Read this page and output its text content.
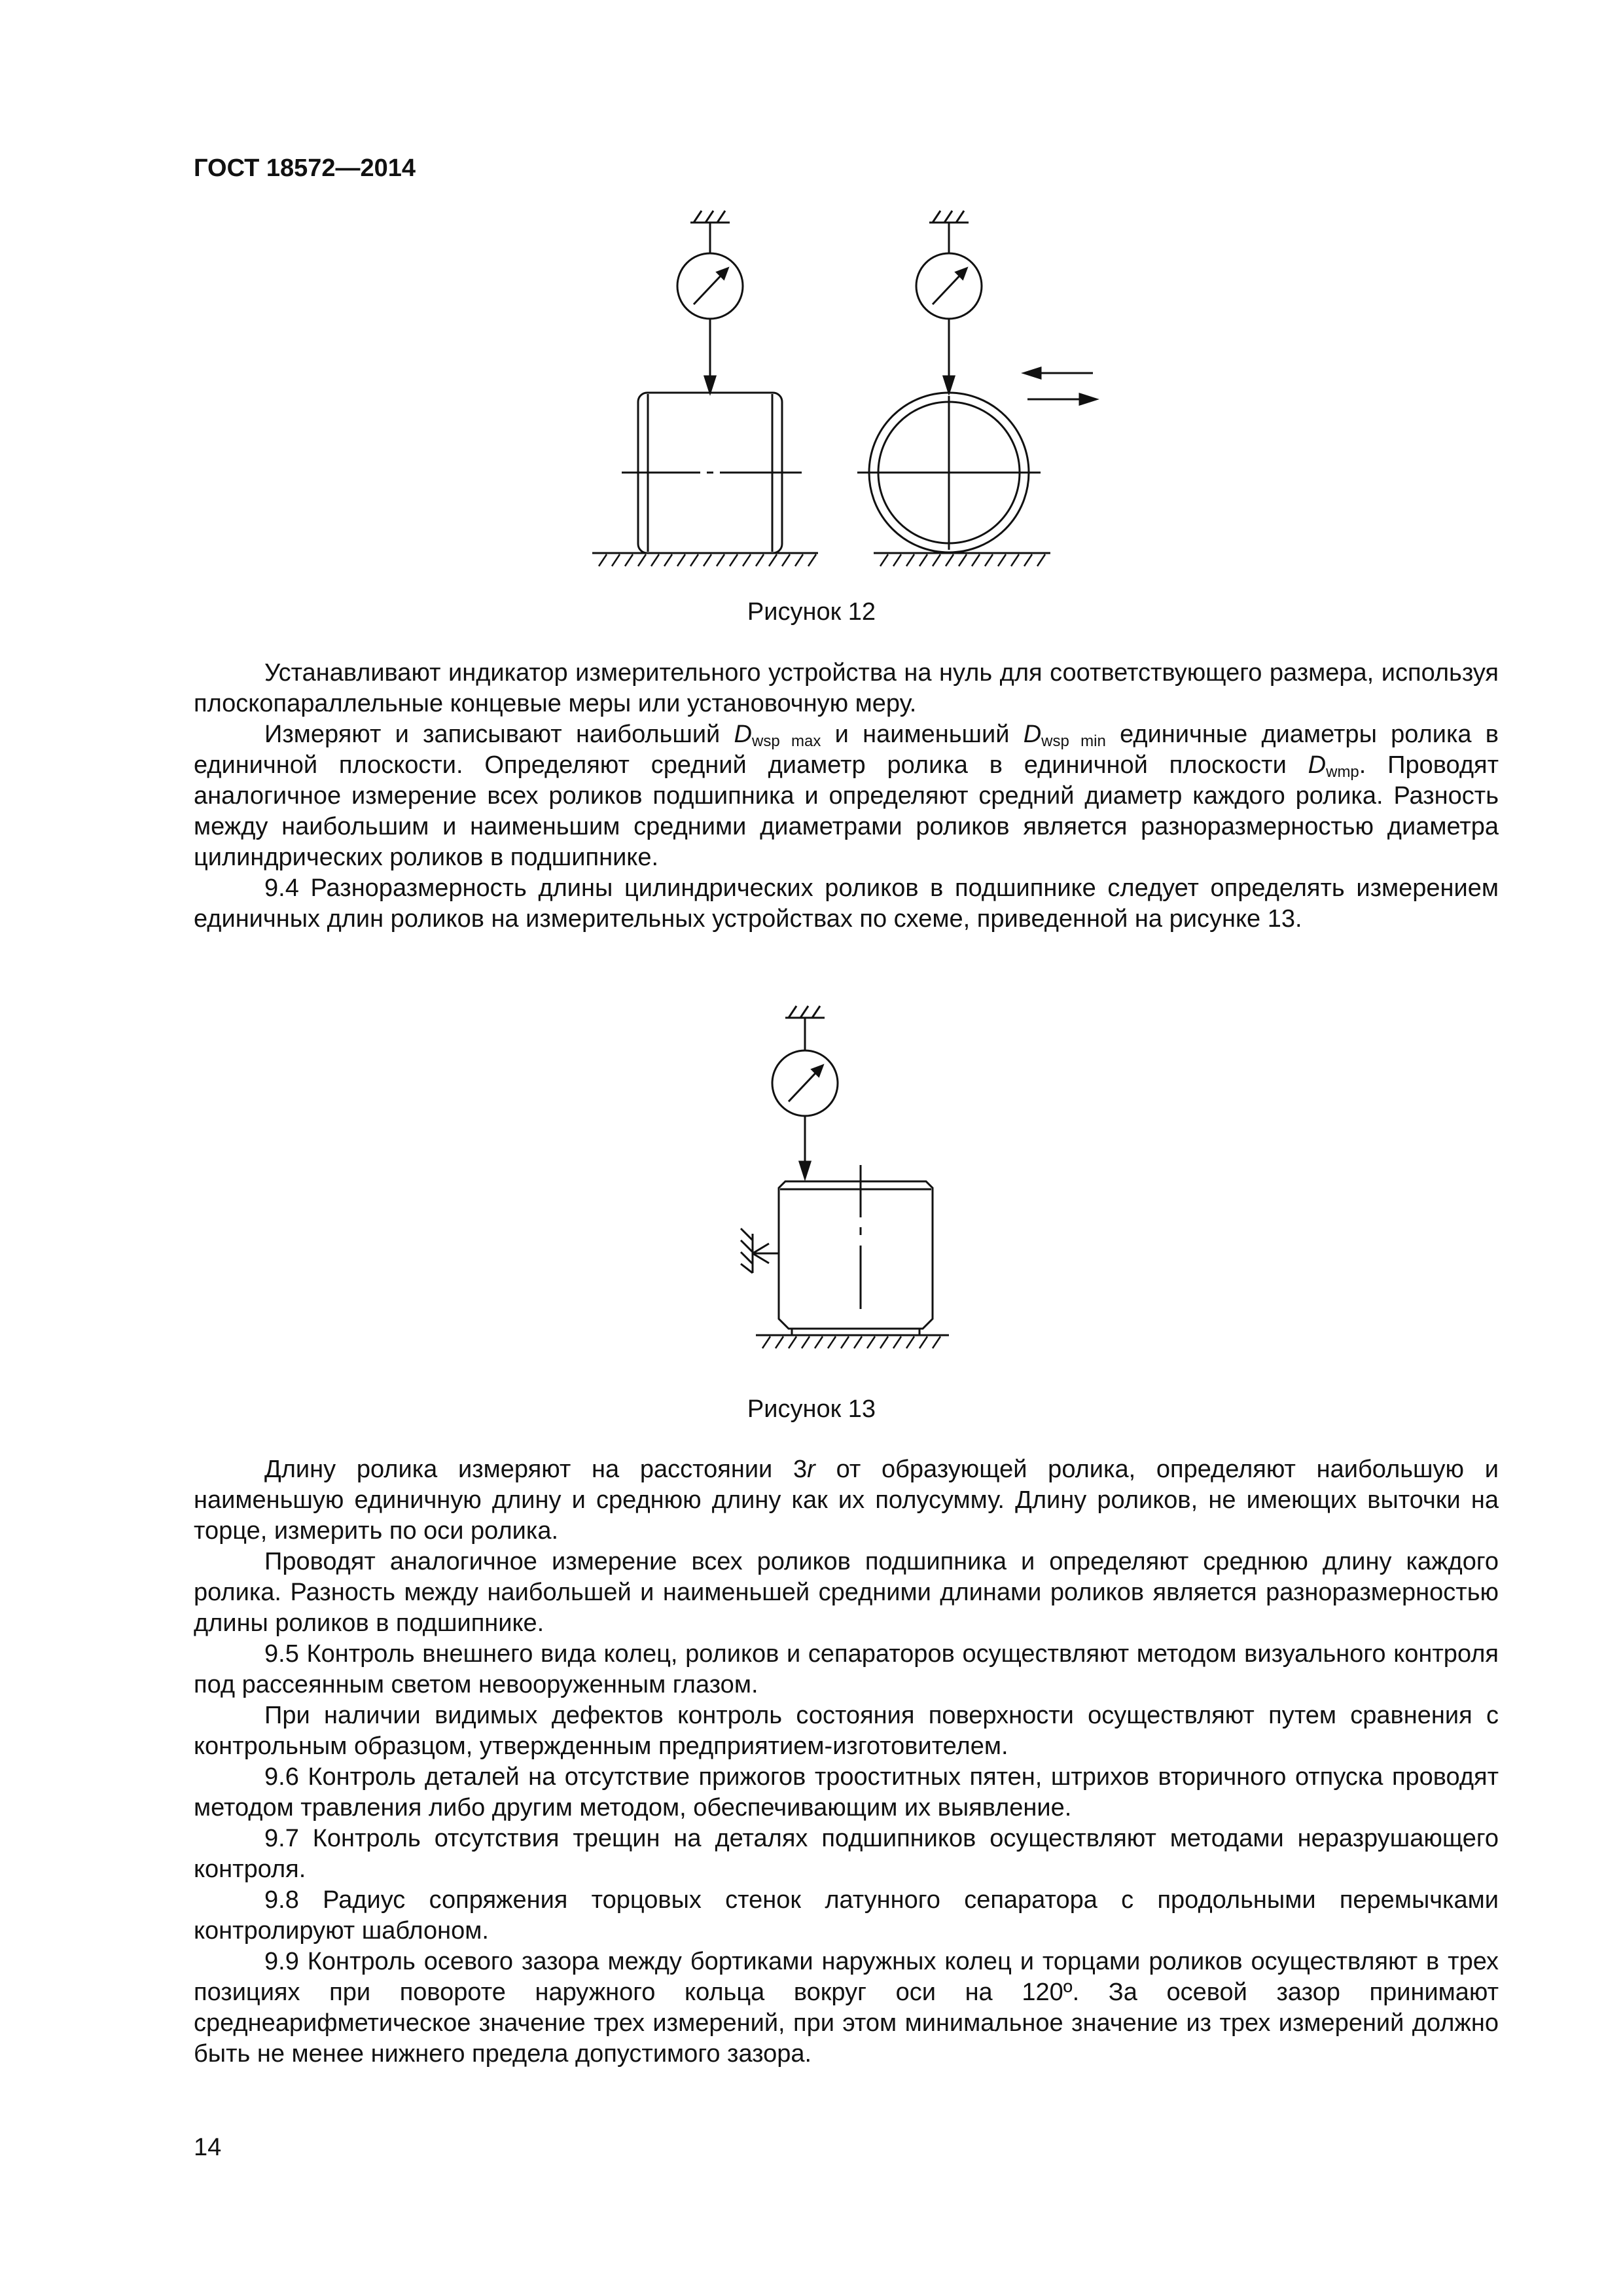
ГОСТ 18572—2014
Рисунок 12

Устанавливают индикатор измерительного устройства на нуль для соответствующего размера, используя плоскопараллельные концевые меры или установочную меру.

Измеряют и записывают наибольший $D_{wsp max}$ и наименьший $D_{wsp min}$ единичные диаметры ролика в единичной плоскости. Определяют средний диаметр ролика в единичной плоскости $D_{wmp}$. Проводят аналогичное измерение всех роликов подшипника и определяют средний диаметр каждого ролика. Разность между наибольшим и наименьшим средними диаметрами роликов является разноразмерностью диаметра цилиндрических роликов в подшипнике.

9.4 Разноразмерность длины цилиндрических роликов в подшипнике следует определять измерением единичных длин роликов на измерительных устройствах по схеме, приведенной на рисунке 13.

Рисунок 13

Длину ролика измеряют на расстоянии 3r от образующей ролика, определяют наибольшую и наименьшую единичную длину и среднюю длину как их полусумму. Длину роликов, не имеющих выточки на торце, измерить по оси ролика.

Проводят аналогичное измерение всех роликов подшипника и определяют среднюю длину каждого ролика. Разность между наибольшей и наименьшей средними длинами роликов является разноразмерностью длины роликов в подшипнике.

9.5 Контроль внешнего вида колец, роликов и сепараторов осуществляют методом визуального контроля под рассеянным светом невооруженным глазом.

При наличии видимых дефектов контроль состояния поверхности осуществляют путем сравнения с контрольным образцом, утвержденным предприятием-изготовителем.

9.6 Контроль деталей на отсутствие прижогов трооститных пятен, штрихов вторичного отпуска проводят методом травления либо другим методом, обеспечивающим их выявление.

9.7 Контроль отсутствия трещин на деталях подшипников осуществляют методами неразрушающего контроля.

9.8 Радиус сопряжения торцовых стенок латунного сепаратора с продольными перемычками контролируют шаблоном.

9.9 Контроль осевого зазора между бортиками наружных колец и торцами роликов осуществляют в трех позициях при повороте наружного кольца вокруг оси на 120º. За осевой зазор принимают среднеарифметическое значение трех измерений, при этом минимальное значение из трех измерений должно быть не менее нижнего предела допустимого зазора.

14
